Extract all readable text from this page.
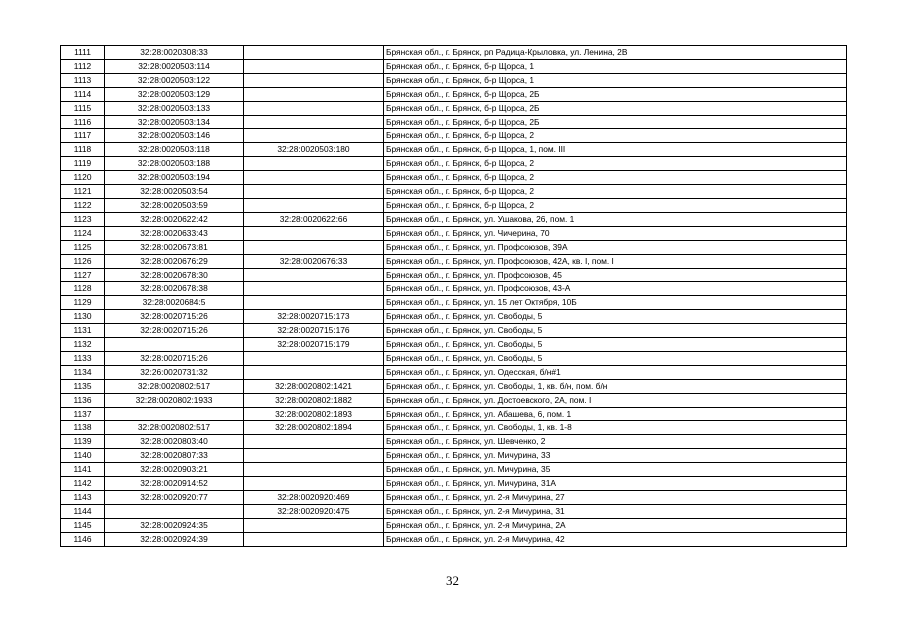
1111	32:28:0020308:33		Брянская обл., г. Брянск, рп Радица-Крыловка, ул. Ленина, 2В
1112	32:28:0020503:114		Брянская обл., г. Брянск, б-р Щорса, 1
1113	32:28:0020503:122		Брянская обл., г. Брянск, б-р Щорса, 1
1114	32:28:0020503:129		Брянская обл., г. Брянск, б-р Щорса, 2Б
1115	32:28:0020503:133		Брянская обл., г. Брянск, б-р Щорса, 2Б
1116	32:28:0020503:134		Брянская обл., г. Брянск, б-р Щорса, 2Б
1117	32:28:0020503:146		Брянская обл., г. Брянск, б-р Щорса, 2
1118	32:28:0020503:118	32:28:0020503:180	Брянская обл., г. Брянск, б-р Щорса, 1, пом. III
1119	32:28:0020503:188		Брянская обл., г. Брянск, б-р Щорса, 2
1120	32:28:0020503:194		Брянская обл., г. Брянск, б-р Щорса, 2
1121	32:28:0020503:54		Брянская обл., г. Брянск, б-р Щорса, 2
1122	32:28:0020503:59		Брянская обл., г. Брянск, б-р Щорса, 2
1123	32:28:0020622:42	32:28:0020622:66	Брянская обл., г. Брянск, ул. Ушакова, 26, пом. 1
1124	32:28:0020633:43		Брянская обл., г. Брянск, ул. Чичерина, 70
1125	32:28:0020673:81		Брянская обл., г. Брянск, ул. Профсоюзов, 39А
1126	32:28:0020676:29	32:28:0020676:33	Брянская обл., г. Брянск, ул. Профсоюзов, 42А, кв. I, пом. I
1127	32:28:0020678:30		Брянская обл., г. Брянск, ул. Профсоюзов, 45
1128	32:28:0020678:38		Брянская обл., г. Брянск, ул. Профсоюзов, 43-А
1129	32:28:0020684:5		Брянская обл., г. Брянск, ул. 15 лет Октября, 10Б
1130	32:28:0020715:26	32:28:0020715:173	Брянская обл., г. Брянск, ул. Свободы, 5
1131	32:28:0020715:26	32:28:0020715:176	Брянская обл., г. Брянск, ул. Свободы, 5
1132		32:28:0020715:179	Брянская обл., г. Брянск, ул. Свободы, 5
1133	32:28:0020715:26		Брянская обл., г. Брянск, ул. Свободы, 5
1134	32:26:0020731:32		Брянская обл., г. Брянск, ул. Одесская, б/н#1
1135	32:28:0020802:517	32:28:0020802:1421	Брянская обл., г. Брянск, ул. Свободы, 1, кв. б/н, пом. б/н
1136	32:28:0020802:1933	32:28:0020802:1882	Брянская обл., г. Брянск, ул. Достоевского, 2А, пом. I
1137		32:28:0020802:1893	Брянская обл., г. Брянск, ул. Абашева, 6, пом. 1
1138	32:28:0020802:517	32:28:0020802:1894	Брянская обл., г. Брянск, ул. Свободы, 1, кв. 1-8
1139	32:28:0020803:40		Брянская обл., г. Брянск, ул. Шевченко, 2
1140	32:28:0020807:33		Брянская обл., г. Брянск, ул. Мичурина, 33
1141	32:28:0020903:21		Брянская обл., г. Брянск, ул. Мичурина, 35
1142	32:28:0020914:52		Брянская обл., г. Брянск, ул. Мичурина, 31А
1143	32:28:0020920:77	32:28:0020920:469	Брянская обл., г. Брянск, ул. 2-я Мичурина, 27
1144		32:28:0020920:475	Брянская обл., г. Брянск, ул. 2-я Мичурина, 31
1145	32:28:0020924:35		Брянская обл., г. Брянск, ул. 2-я Мичурина, 2А
1146	32:28:0020924:39		Брянская обл., г. Брянск, ул. 2-я Мичурина, 42
32
